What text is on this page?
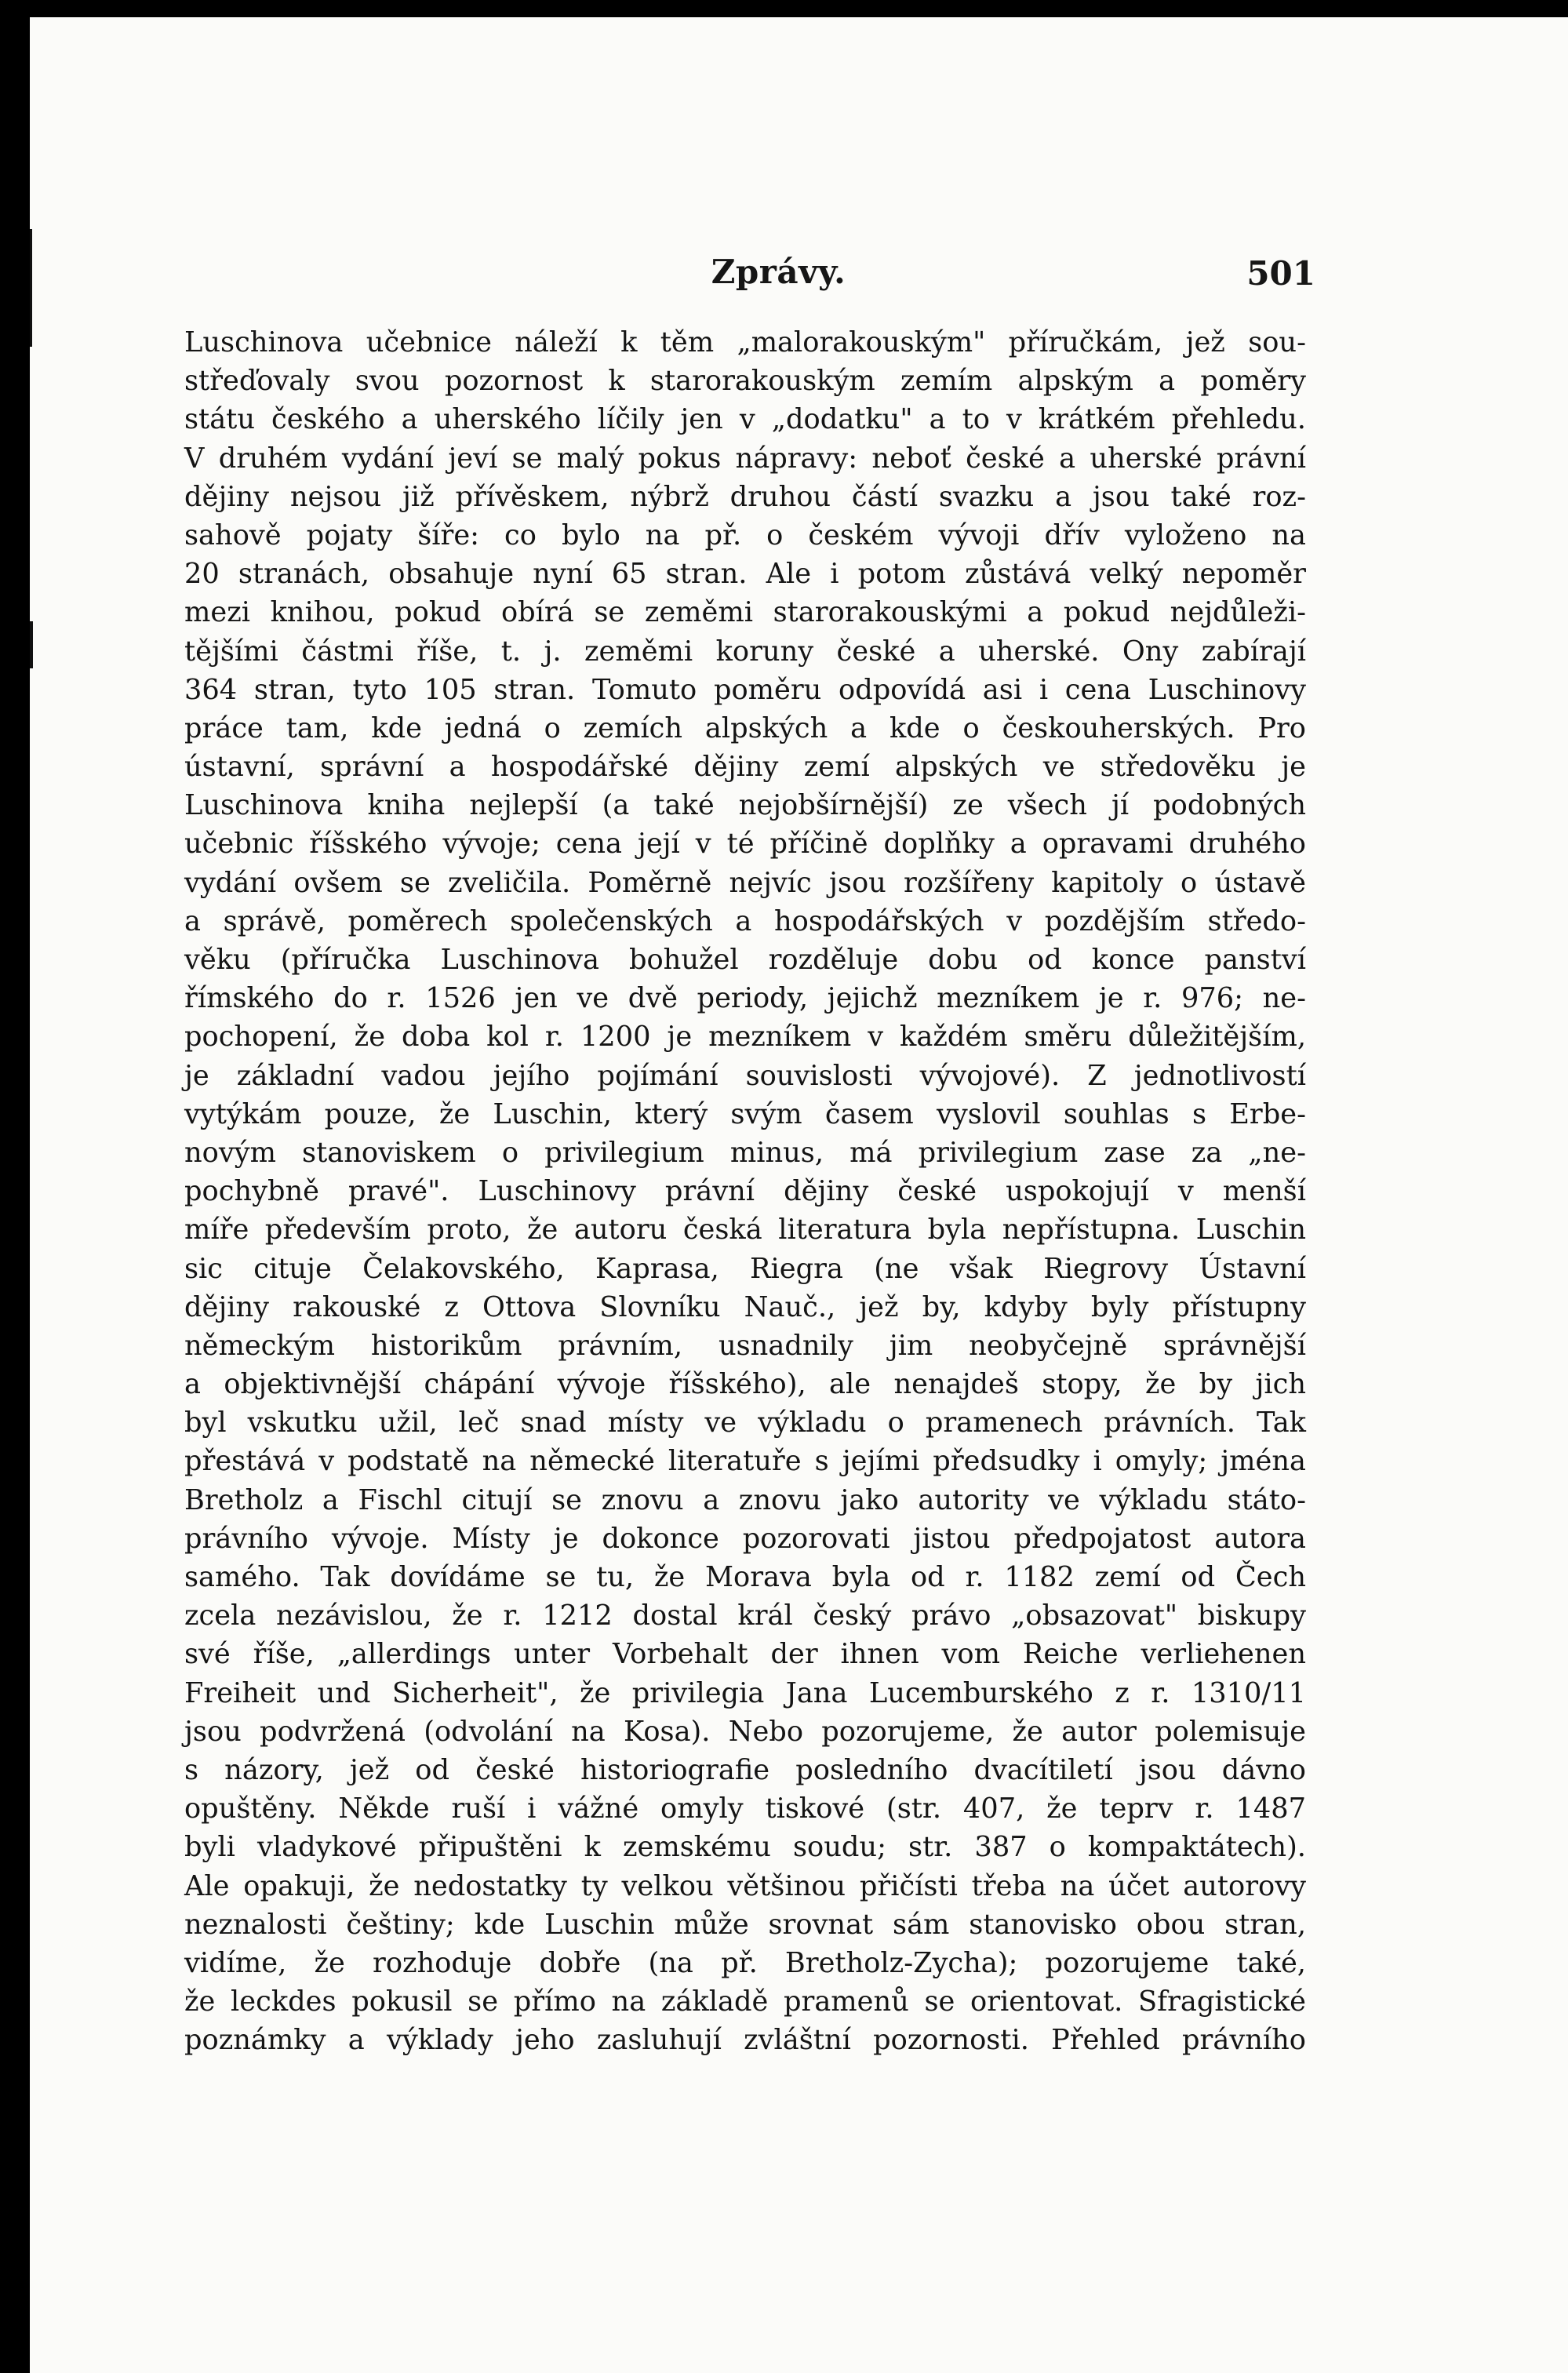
Zprávy.	501
Luschinova učebnice náleží k těm „malorakouským" příručkám, jež sou-
střeďovaly svou pozornost k starorakouským zemím alpským a poměry
státu českého a uherského líčily jen v „dodatku" a to v krátkém přehledu.
V druhém vydání jeví se malý pokus nápravy: neboť české a uherské právní
dějiny nejsou již přívěskem, nýbrž druhou částí svazku a jsou také roz-
sahově pojaty šíře: co bylo na př. o českém vývoji dřív vyloženo na
20 stranách, obsahuje nyní 65 stran. Ale i potom zůstává velký nepoměr
mezi knihou, pokud obírá se zeměmi starorakouskými a pokud nejdůleži-
tějšími částmi říše, t. j. zeměmi koruny české a uherské. Ony zabírají
364 stran, tyto 105 stran. Tomuto poměru odpovídá asi i cena Luschinovy
práce tam, kde jedná o zemích alpských a kde o českouherských. Pro
ústavní, správní a hospodářské dějiny zemí alpských ve středověku je
Luschinova kniha nejlepší (a také nejobšírnější) ze všech jí podobných
učebnic říšského vývoje; cena její v té příčině doplňky a opravami druhého
vydání ovšem se zveličila. Poměrně nejvíc jsou rozšířeny kapitoly o ústavě
a správě, poměrech společenských a hospodářských v pozdějším středo-
věku (příručka Luschinova bohužel rozděluje dobu od konce panství
římského do r. 1526 jen ve dvě periody, jejichž mezníkem je r. 976; ne-
pochopení, že doba kol r. 1200 je mezníkem v každém směru důležitějším,
je základní vadou jejího pojímání souvislosti vývojové). Z jednotlivostí
vytýkám pouze, že Luschin, který svým časem vyslovil souhlas s Erbe-
novým stanoviskem o privilegium minus, má privilegium zase za „ne-
pochybně pravé". Luschinovy právní dějiny české uspokojují v menší
míře především proto, že autoru česká literatura byla nepřístupna. Luschin
sic cituje Čelakovského, Kaprasa, Riegra (ne však Riegrovy Ústavní
dějiny rakouské z Ottova Slovníku Nauč., jež by, kdyby byly přístupny
německým historikům právním, usnadnily jim neobyčejně správnější
a objektivnější chápání vývoje říšského), ale nenajdeš stopy, že by jich
byl vskutku užil, leč snad místy ve výkladu o pramenech právních. Tak
přestává v podstatě na německé literatuře s jejími předsudky i omyly; jména
Bretholz a Fischl citují se znovu a znovu jako autority ve výkladu státo-
právního vývoje. Místy je dokonce pozorovati jistou předpojatost autora
samého. Tak dovídáme se tu, že Morava byla od r. 1182 zemí od Čech
zcela nezávislou, že r. 1212 dostal král český právo „obsazovat" biskupy
své říše, „allerdings unter Vorbehalt der ihnen vom Reiche verliehenen
Freiheit und Sicherheit", že privilegia Jana Lucemburského z r. 1310/11
jsou podvržená (odvolání na Kosa). Nebo pozorujeme, že autor polemisuje
s názory, jež od české historiografie posledního dvacítiletí jsou dávno
opuštěny. Někde ruší i vážné omyly tiskové (str. 407, že teprv r. 1487
byli vladykové připuštěni k zemskému soudu; str. 387 o kompaktátech).
Ale opakuji, že nedostatky ty velkou většinou přičísti třeba na účet autorovy
neznalosti češtiny; kde Luschin může srovnat sám stanovisko obou stran,
vidíme, že rozhoduje dobře (na př. Bretholz-Zycha); pozorujeme také,
že leckdes pokusil se přímo na základě pramenů se orientovat. Sfragistické
poznámky a výklady jeho zasluhují zvláštní pozornosti. Přehled právního
